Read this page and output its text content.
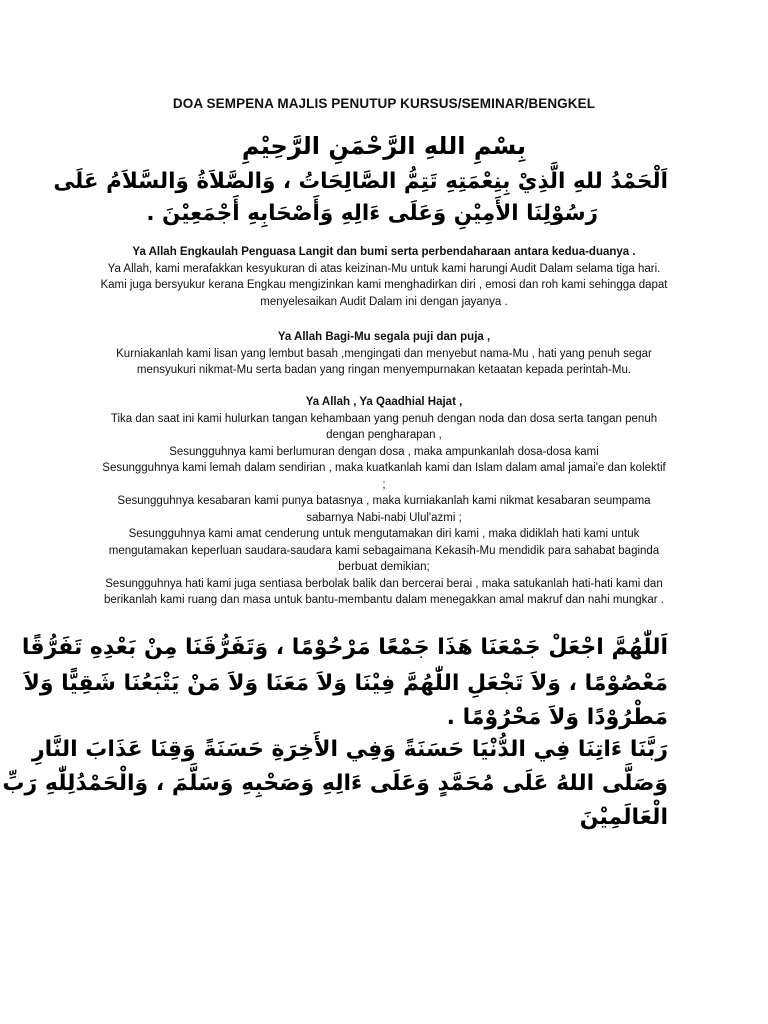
DOA SEMPENA MAJLIS PENUTUP KURSUS/SEMINAR/BENGKEL
بِسْمِ اللهِ الرَّحْمَنِ الرَّحِيْمِ
اَلْحَمْدُ للهِ الَّذِيْ بِنِعْمَتِهِ تَتِمُّ الصَّالِحَاتُ ، وَالصَّلاَةُ وَالسَّلاَمُ عَلَى
رَسُوْلِنَا الأَمِيْنِ وَعَلَى ءَالِهِ وَأَصْحَابِهِ أَجْمَعِيْنَ .
Ya Allah Engkaulah Penguasa Langit dan bumi serta perbendaharaan antara kedua-duanya .
Ya Allah, kami merafakkan kesyukuran di atas keizinan-Mu untuk kami harungi Audit Dalam selama tiga hari. Kami juga bersyukur kerana Engkau mengizinkan kami menghadirkan diri , emosi dan roh kami sehingga dapat menyelesaikan Audit Dalam ini dengan jayanya .
Ya Allah Bagi-Mu segala puji dan puja ,
Kurniakanlah kami lisan yang lembut basah ,mengingati dan menyebut nama-Mu , hati yang penuh segar mensyukuri nikmat-Mu serta badan yang ringan menyempurnakan ketaatan kepada perintah-Mu.
Ya Allah , Ya Qaadhial Hajat ,
Tika dan saat ini kami hulurkan tangan kehambaan yang penuh dengan noda dan dosa serta tangan penuh dengan pengharapan ,
Sesungguhnya kami berlumuran dengan dosa , maka ampunkanlah dosa-dosa kami
Sesungguhnya kami lemah dalam sendirian , maka kuatkanlah kami dan Islam dalam amal jamai'e dan kolektif ;
Sesungguhnya kesabaran kami punya batasnya , maka kurniakanlah kami nikmat kesabaran seumpama sabarnya Nabi-nabi Ulul'azmi ;
Sesungguhnya kami amat cenderung untuk mengutamakan diri kami , maka didiklah hati kami untuk mengutamakan keperluan saudara-saudara kami sebagaimana Kekasih-Mu mendidik para sahabat baginda berbuat demikian;
Sesungguhnya hati kami juga sentiasa berbolak balik dan bercerai berai , maka satukanlah hati-hati kami dan berikanlah kami ruang dan masa untuk bantu-membantu dalam menegakkan amal makruf dan nahi mungkar .
اَللّٰهُمَّ اجْعَلْ جَمْعَنَا هَذَا جَمْعًا مَرْحُوْمًا ، وَتَفَرُّقَنَا مِنْ بَعْدِهِ تَفَرُّقًا
مَعْصُوْمًا ، وَلاَ تَجْعَلِ اللّٰهُمَّ فِيْنَا وَلاَ مَعَنَا وَلاَ مَنْ يَتْبَعُنَا شَقِيًّا وَلاَ
مَطْرُوْدًا وَلاَ مَحْرُوْمًا .
رَبَّنَا ءَاتِنَا فِي الدُّنْيَا حَسَنَةً وَفِي الأَخِرَةِ حَسَنَةً وَقِنَا عَذَابَ النَّارِ
وَصَلَّى اللهُ عَلَى مُحَمَّدٍ وَعَلَى ءَالِهِ وَصَحْبِهِ وَسَلَّمَ ، وَالْحَمْدُلِلّٰهِ رَبِّ
الْعَالَمِيْنَ
